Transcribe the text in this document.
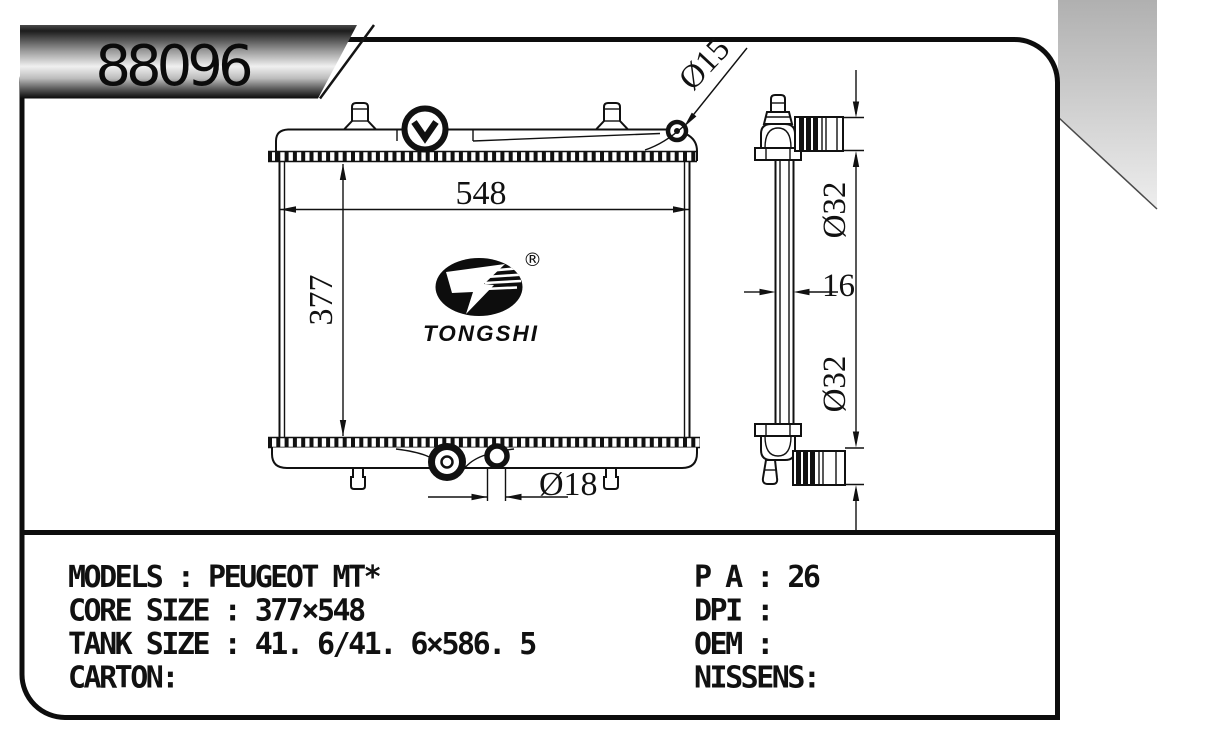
88096
548
377
Ø15
Ø18
Ø32
16
Ø32
®
TONGSHI
MODELS : PEUGEOT MT*
CORE SIZE : 377×548
TANK SIZE : 41. 6/41. 6×586. 5
CARTON:
P A : 26
DPI :
OEM :
NISSENS:
